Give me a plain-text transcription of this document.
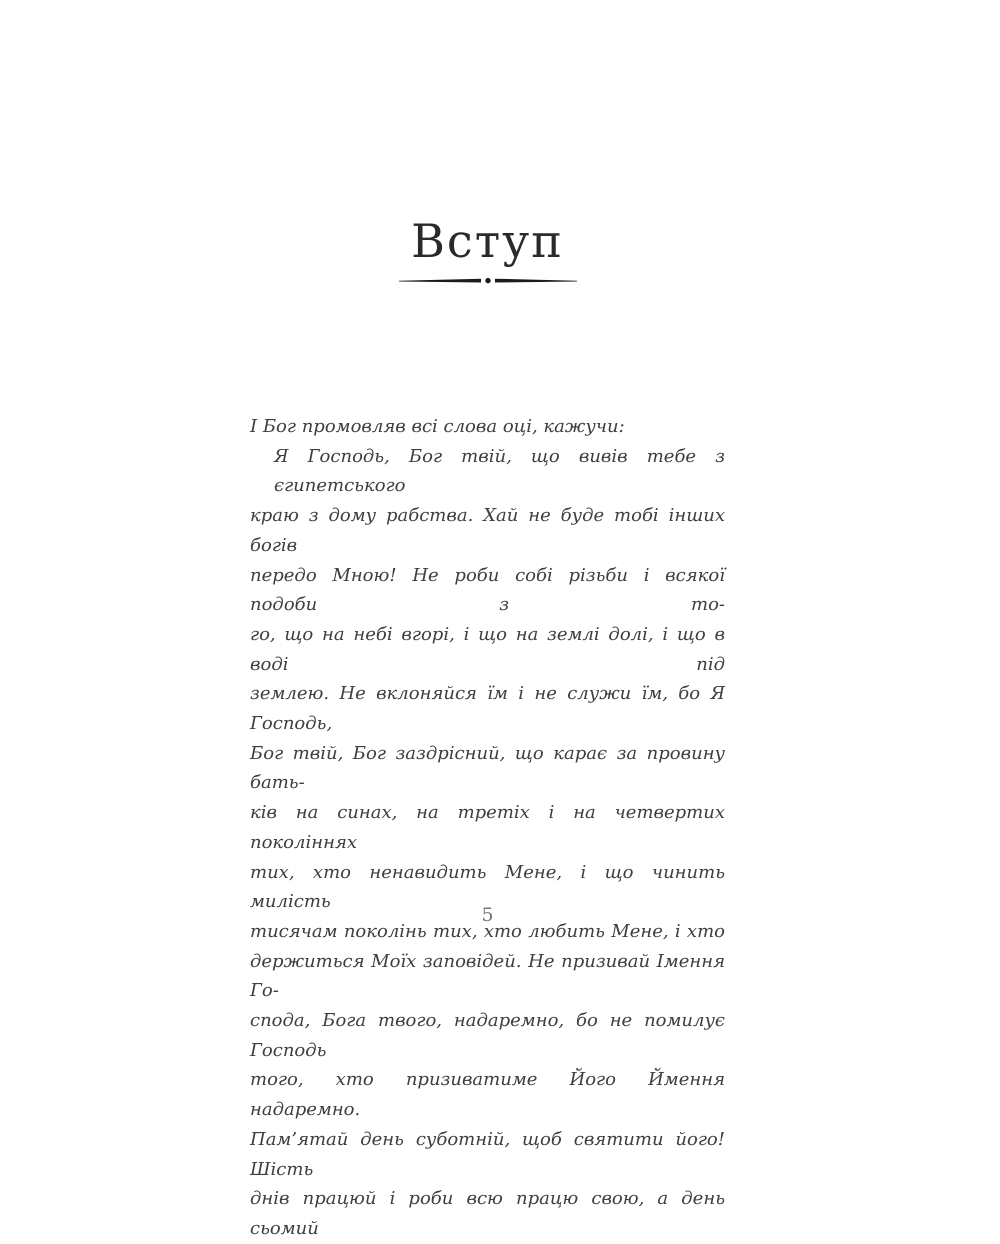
Вступ
І Бог промовляв всі слова оці, кажучи:
Я Господь, Бог твій, що вивів тебе з єгипетського
краю з дому рабства. Хай не буде тобі інших богів
передо Мною! Не роби собі різьби і всякої подоби з то-
го, що на небі вгорі, і що на землі долі, і що в воді під
землею. Не вклоняйся їм і не служи їм, бо Я Господь,
Бог твій, Бог заздрісний, що карає за провину бать-
ків на синах, на третіх і на четвертих поколіннях
тих, хто ненавидить Мене, і що чинить милість
тисячам поколінь тих, хто любить Мене, і хто
держиться Моїх заповідей. Не призивай Імення Го-
спода, Бога твого, надаремно, бо не помилує Господь
того, хто призиватиме Його Ймення надаремно.
Пам’ятай день суботній, щоб святити його! Шість
днів працюй і роби всю працю свою, а день сьомий
5
